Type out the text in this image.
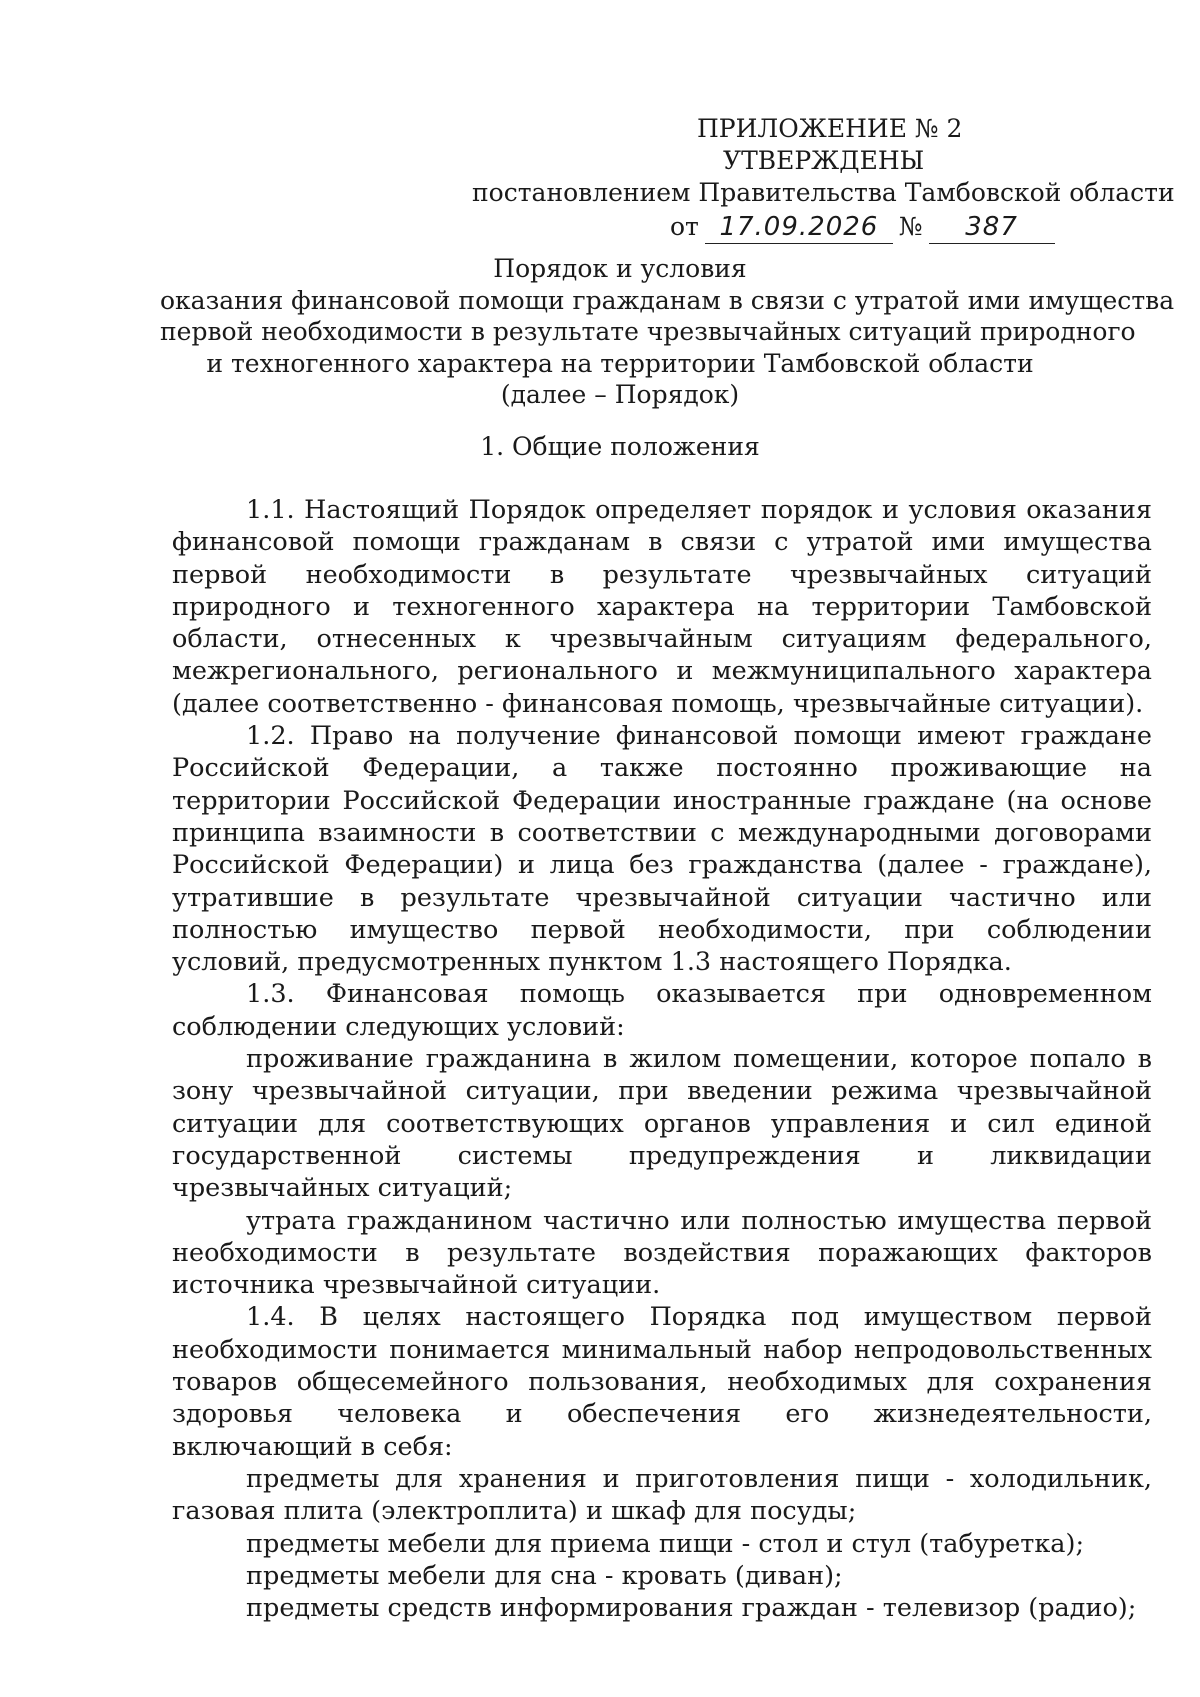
ПРИЛОЖЕНИЕ № 2
УТВЕРЖДЕНЫ
постановлением Правительства Тамбовской области
от 17.09.2026 №	387
Порядок и условия
оказания финансовой помощи гражданам в связи с утратой ими имущества
первой необходимости в результате чрезвычайных ситуаций природного
и техногенного характера на территории Тамбовской области
(далее – Порядок)
1. Общие положения

1.1. Настоящий Порядок определяет порядок и условия оказания финансовой помощи гражданам в связи с утратой ими имущества первой необходимости в результате чрезвычайных ситуаций природного и техногенного характера на территории Тамбовской области, отнесенных к чрезвычайным ситуациям федерального, межрегионального, регионального и межмуниципального характера (далее соответственно - финансовая помощь, чрезвычайные ситуации).

1.2. Право на получение финансовой помощи имеют граждане Российской Федерации, а также постоянно проживающие на территории Российской Федерации иностранные граждане (на основе принципа взаимности в соответствии с международными договорами Российской Федерации) и лица без гражданства (далее - граждане), утратившие в результате чрезвычайной ситуации частично или полностью имущество первой необходимости, при соблюдении условий, предусмотренных пунктом 1.3 настоящего Порядка.

1.3. Финансовая помощь оказывается при одновременном соблюдении следующих условий:

проживание гражданина в жилом помещении, которое попало в зону чрезвычайной ситуации, при введении режима чрезвычайной ситуации для соответствующих органов управления и сил единой государственной системы предупреждения и ликвидации чрезвычайных ситуаций;

утрата гражданином частично или полностью имущества первой необходимости в результате воздействия поражающих факторов источника чрезвычайной ситуации.

1.4. В целях настоящего Порядка под имуществом первой необходимости понимается минимальный набор непродовольственных товаров общесемейного пользования, необходимых для сохранения здоровья человека и обеспечения его жизнедеятельности, включающий в себя:

предметы для хранения и приготовления пищи - холодильник, газовая плита (электроплита) и шкаф для посуды;

предметы мебели для приема пищи - стол и стул (табуретка);

предметы мебели для сна - кровать (диван);

предметы средств информирования граждан - телевизор (радио);
